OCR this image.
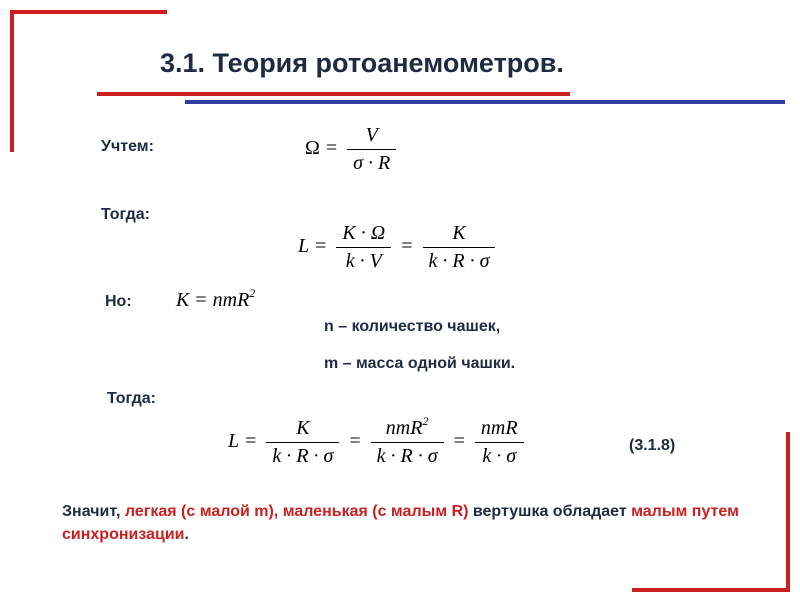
3.1. Теория ротоанемометров.
Учтем:	$\Omega = \frac{V}{\sigma \cdot R}$
Тогда:
$L = \frac{K \cdot \Omega}{k \cdot V} = \frac{K}{k \cdot R \cdot \sigma}$
Но: K = nmR$^2$
n – количество чашек,
m – масса одной чашки.
Тогда:
$L = \frac{K}{k \cdot R \cdot \sigma} = \frac{nmR^2}{k \cdot R \cdot \sigma} = \frac{\text{nmR}}{k \cdot \sigma}$	(3.1.8)
Значит, легкая (с малой m), маленькая (с малым R) вертушка обладает малым путем синхронизации.
